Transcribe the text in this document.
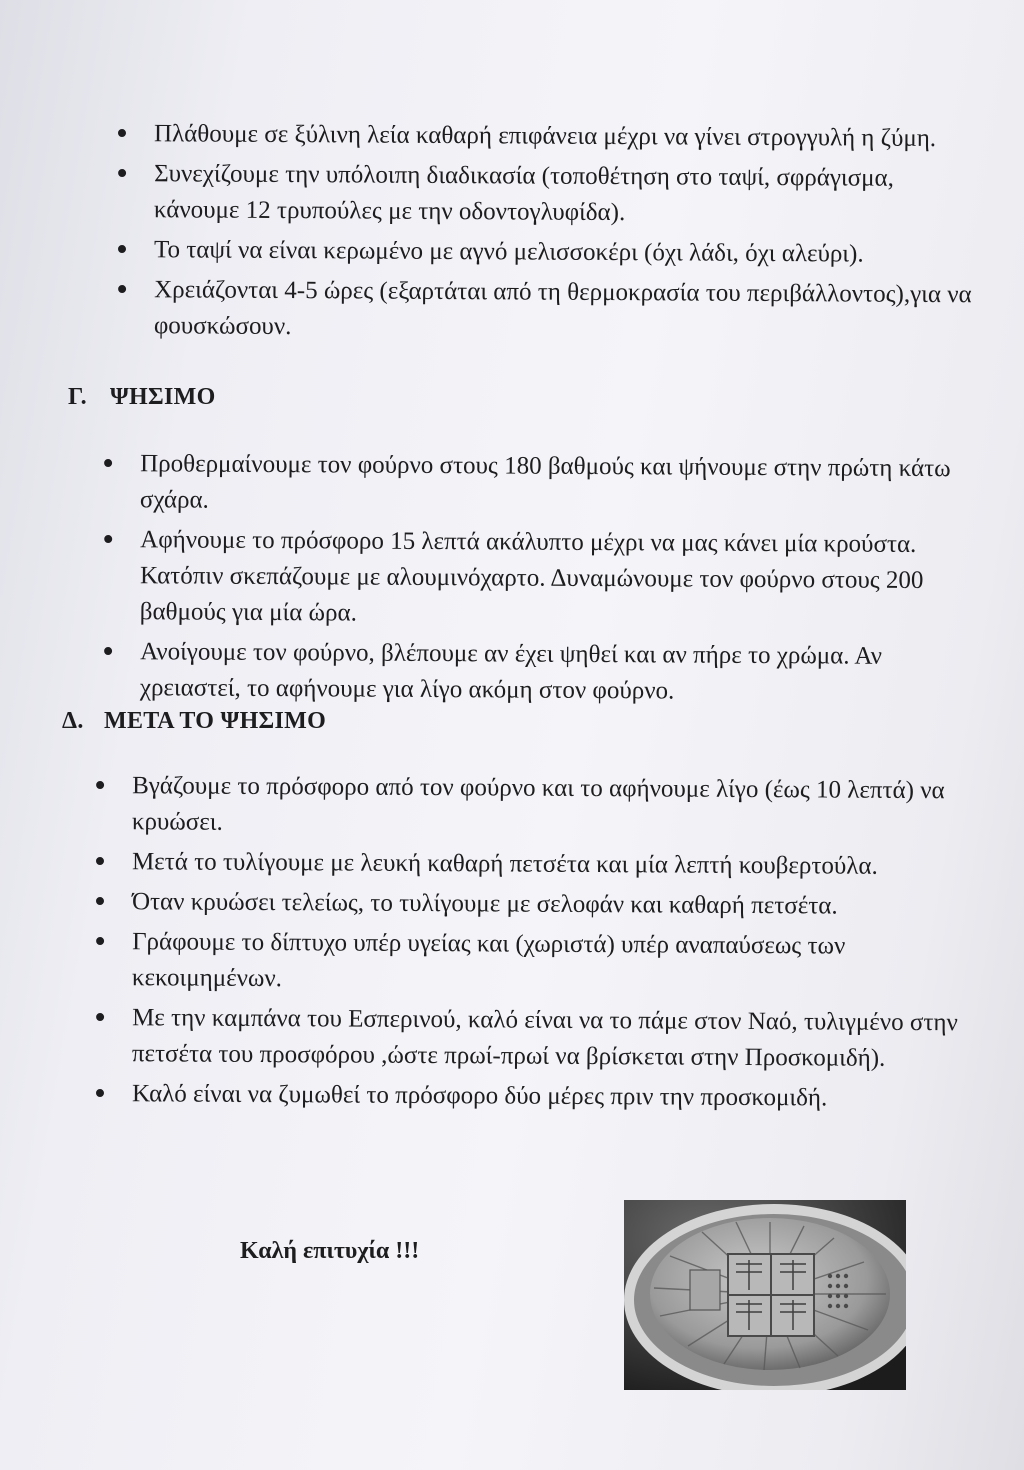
Πλάθουμε σε ξύλινη λεία καθαρή επιφάνεια μέχρι να γίνει στρογγυλή η ζύμη.
Συνεχίζουμε την υπόλοιπη διαδικασία (τοποθέτηση στο ταψί, σφράγισμα, κάνουμε 12 τρυπούλες με την οδοντογλυφίδα).
Το ταψί να είναι κερωμένο με αγνό μελισσοκέρι (όχι λάδι, όχι αλεύρι).
Χρειάζονται 4-5 ώρες (εξαρτάται από τη θερμοκρασία του περιβάλλοντος),για να φουσκώσουν.
Γ. ΨΗΣΙΜΟ
Προθερμαίνουμε τον φούρνο στους 180 βαθμούς και ψήνουμε στην πρώτη κάτω σχάρα.
Αφήνουμε το πρόσφορο 15 λεπτά ακάλυπτο μέχρι να μας κάνει μία κρούστα. Κατόπιν σκεπάζουμε με αλουμινόχαρτο. Δυναμώνουμε τον φούρνο στους 200 βαθμούς για μία ώρα.
Ανοίγουμε τον φούρνο, βλέπουμε αν έχει ψηθεί και αν πήρε το χρώμα. Αν χρειαστεί, το αφήνουμε για λίγο ακόμη στον φούρνο.
Δ. ΜΕΤΑ ΤΟ ΨΗΣΙΜΟ
Βγάζουμε το πρόσφορο από τον φούρνο και το αφήνουμε λίγο (έως 10 λεπτά) να κρυώσει.
Μετά το τυλίγουμε με λευκή καθαρή πετσέτα και μία λεπτή κουβερτούλα.
Όταν κρυώσει τελείως, το τυλίγουμε με σελοφάν και καθαρή πετσέτα.
Γράφουμε το δίπτυχο υπέρ υγείας και (χωριστά) υπέρ αναπαύσεως των κεκοιμημένων.
Με την καμπάνα του Εσπερινού, καλό είναι να το πάμε στον Ναό, τυλιγμένο στην πετσέτα του προσφόρου ,ώστε πρωί-πρωί να βρίσκεται στην Προσκομιδή).
Καλό είναι να ζυμωθεί το πρόσφορο δύο μέρες πριν την προσκομιδή.
Καλή επιτυχία !!!
